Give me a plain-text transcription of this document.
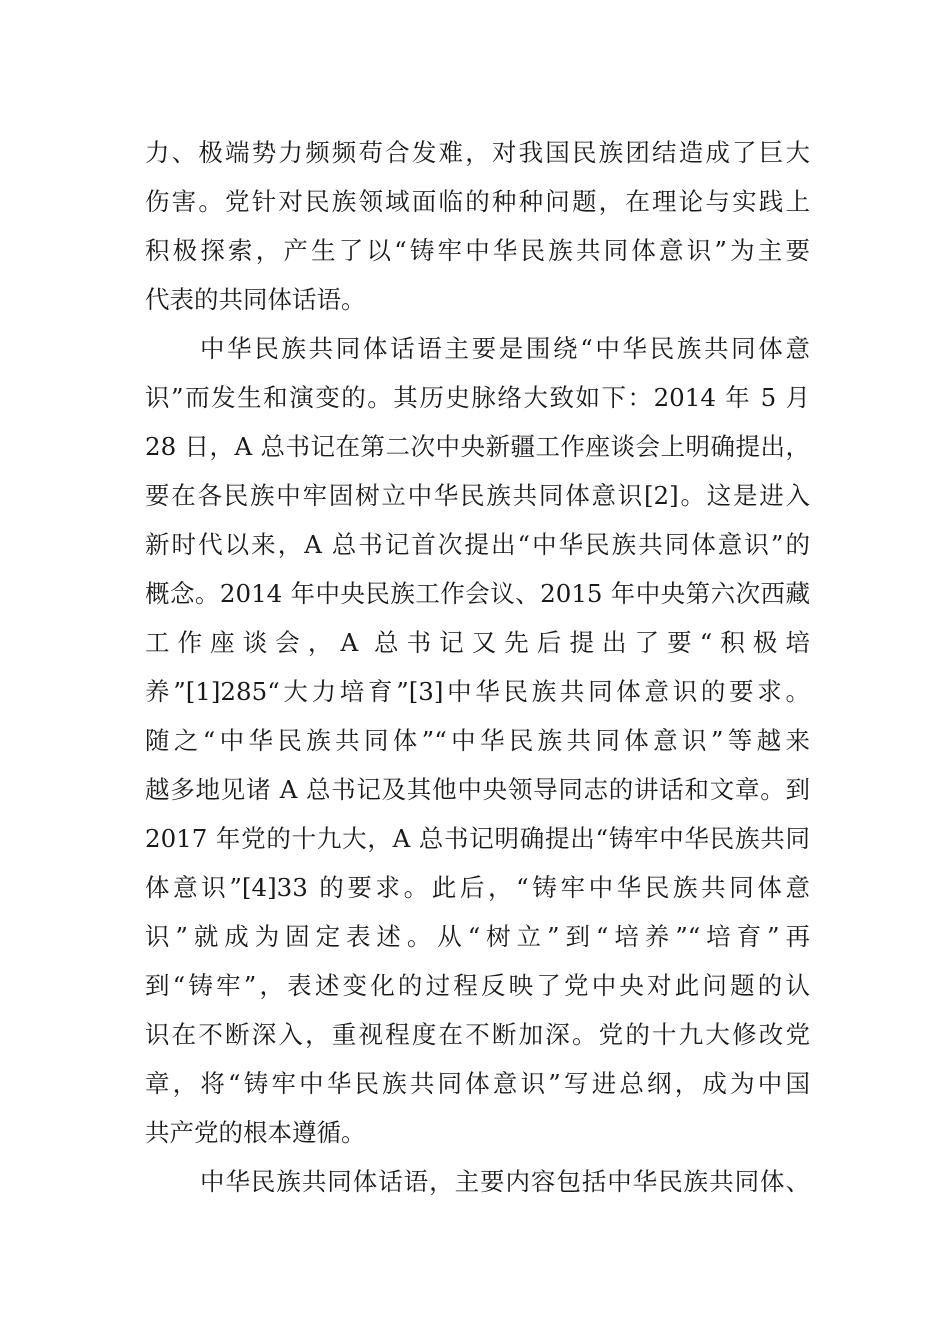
力、极端势力频频苟合发难，对我国民族团结造成了巨大
伤害。党针对民族领域面临的种种问题，在理论与实践上
积极探索，产生了以“铸牢中华民族共同体意识”为主要
代表的共同体话语。
中华民族共同体话语主要是围绕“中华民族共同体意
识”而发生和演变的。其历史脉络大致如下：2014 年 5 月
28 日，A 总书记在第二次中央新疆工作座谈会上明确提出，
要在各民族中牢固树立中华民族共同体意识[2]。这是进入
新时代以来，A 总书记首次提出“中华民族共同体意识”的
概念。2014 年中央民族工作会议、2015 年中央第六次西藏
工作座谈会，A 总书记又先后提出了要“积极培
养”[1]285“大力培育”[3]中华民族共同体意识的要求。
随之“中华民族共同体”“中华民族共同体意识”等越来
越多地见诸 A 总书记及其他中央领导同志的讲话和文章。到
2017 年党的十九大，A 总书记明确提出“铸牢中华民族共同
体意识”[4]33 的要求。此后，“铸牢中华民族共同体意
识”就成为固定表述。从“树立”到“培养”“培育”再
到“铸牢”，表述变化的过程反映了党中央对此问题的认
识在不断深入，重视程度在不断加深。党的十九大修改党
章，将“铸牢中华民族共同体意识”写进总纲，成为中国
共产党的根本遵循。
中华民族共同体话语，主要内容包括中华民族共同体、
